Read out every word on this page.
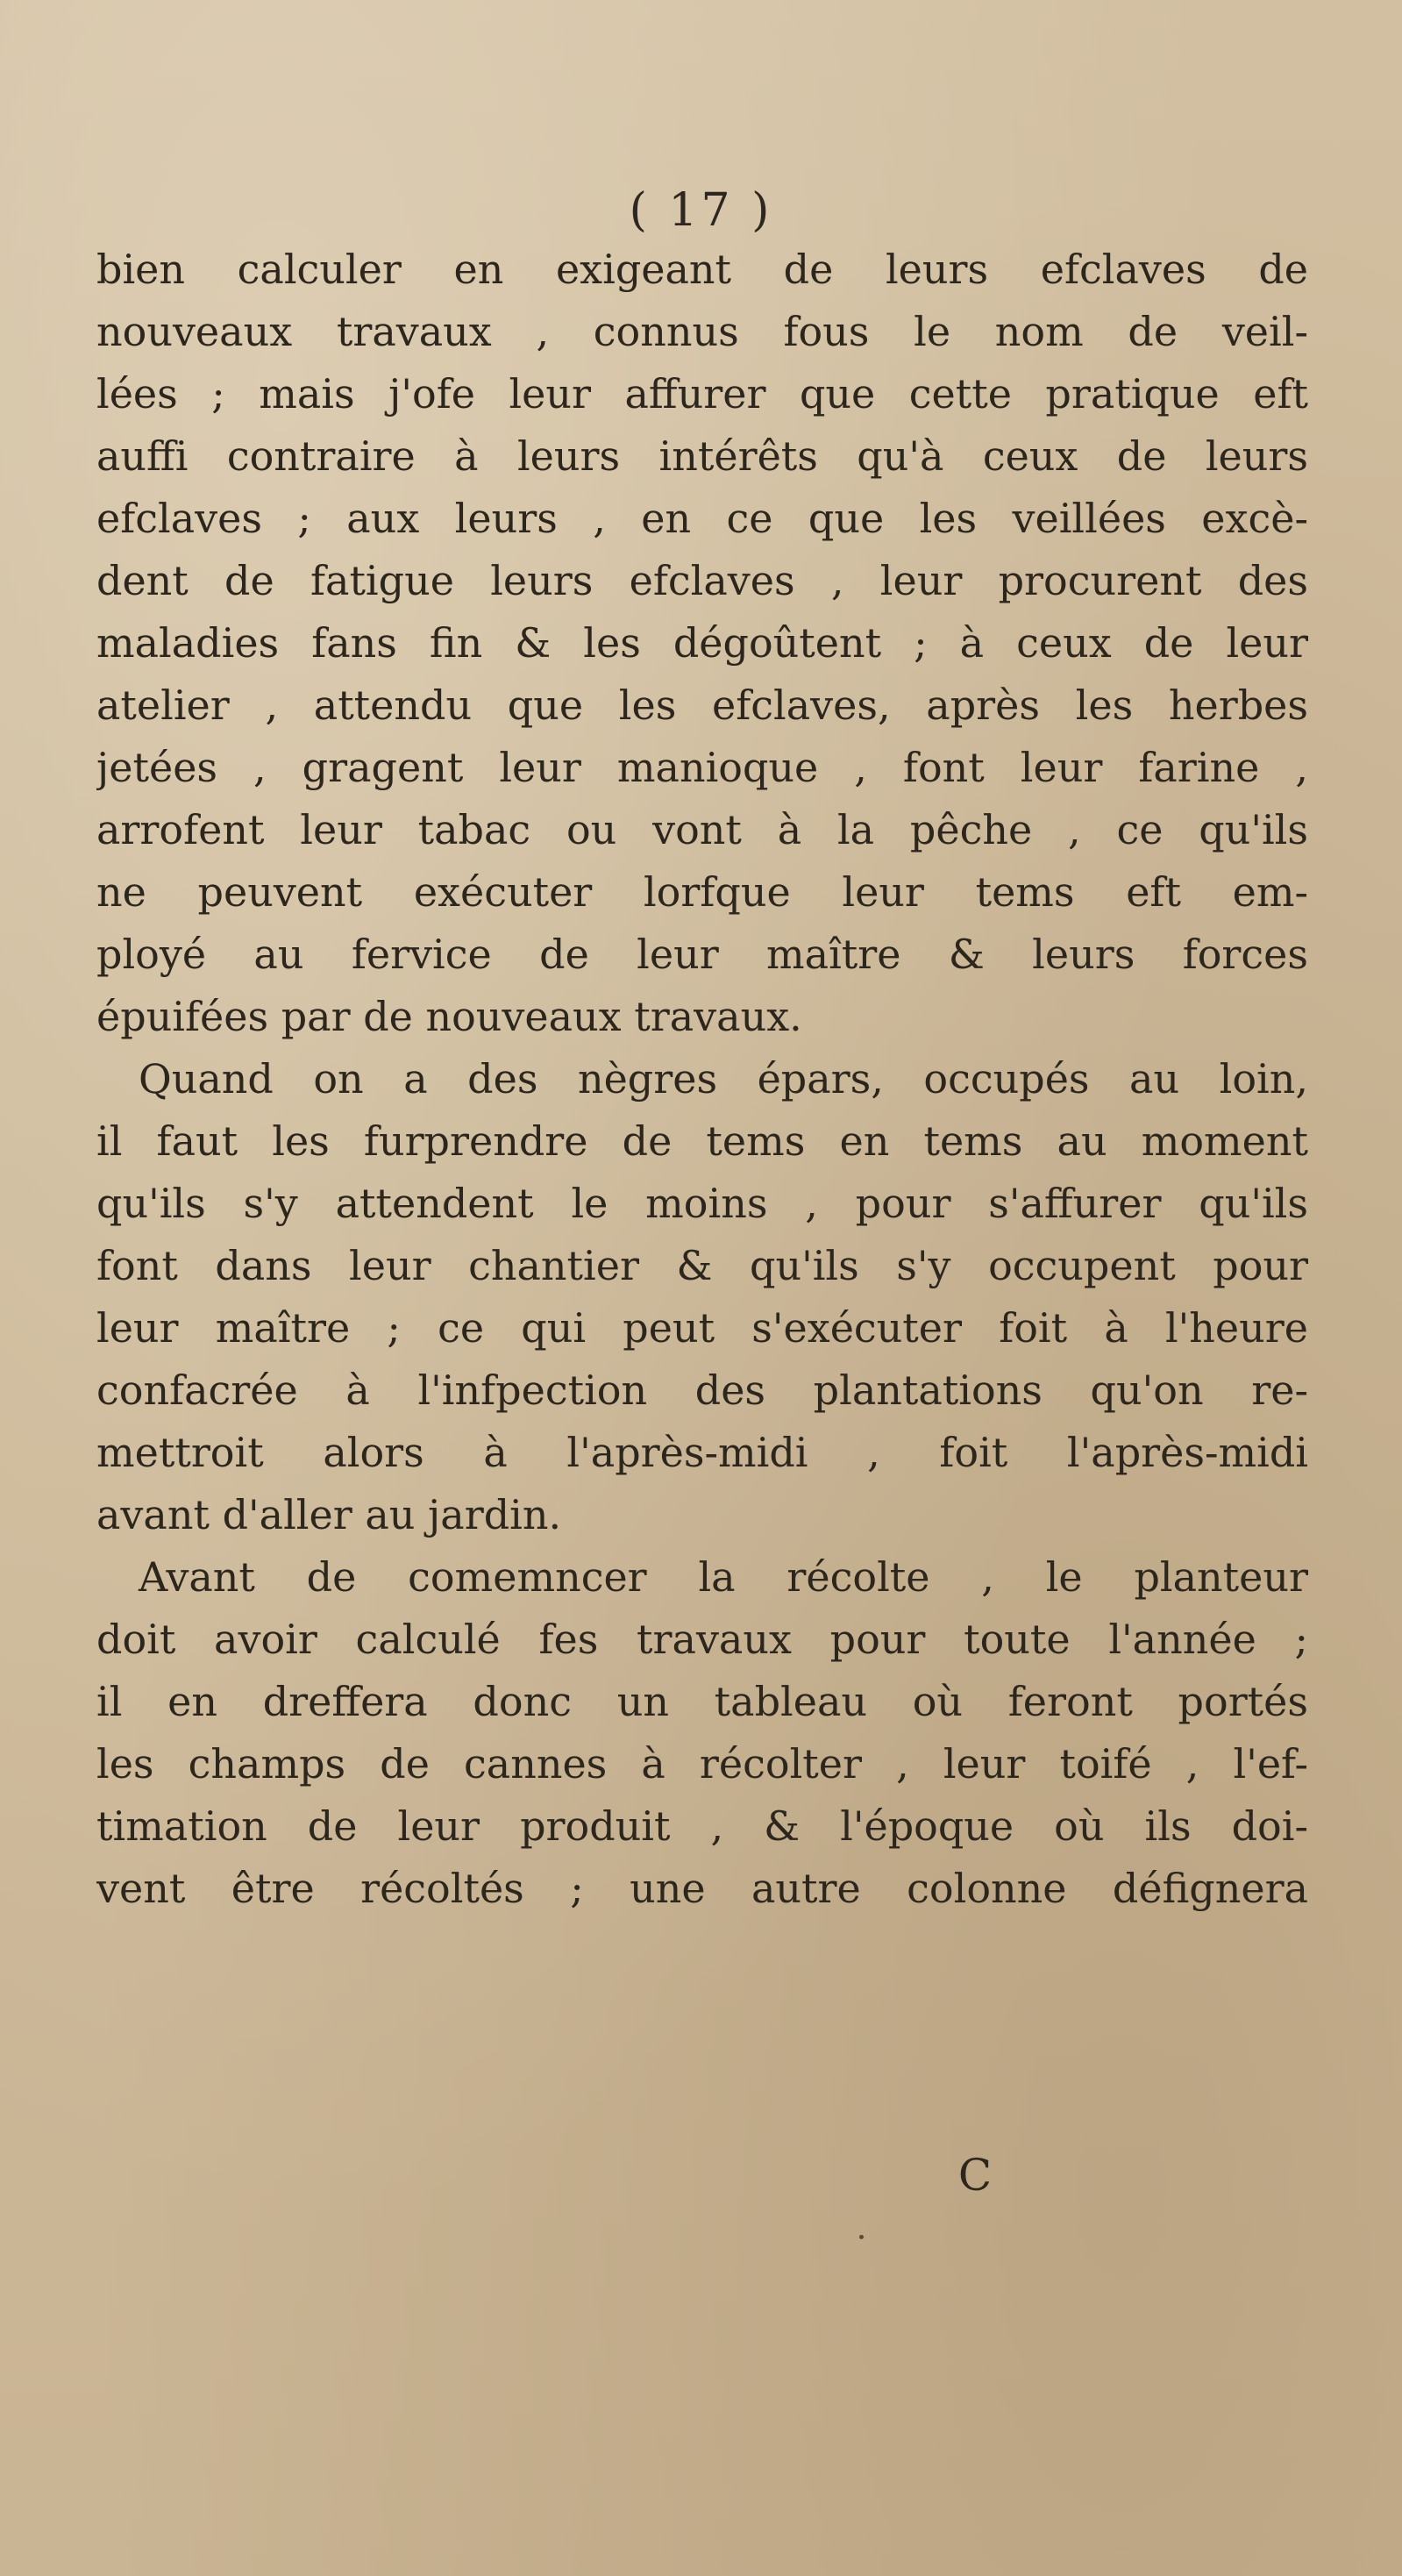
( 17 )
bien calculer en exigeant de leurs efclaves de
nouveaux travaux , connus fous le nom de veil-
lées ; mais j'ofe leur affurer que cette pratique eft
auffi contraire à leurs intérêts qu'à ceux de leurs
efclaves ; aux leurs , en ce que les veillées excè-
dent de fatigue leurs efclaves , leur procurent des
maladies fans fin & les dégoûtent ; à ceux de leur
atelier , attendu que les efclaves, après les herbes
jetées , gragent leur manioque , font leur farine ,
arrofent leur tabac ou vont à la pêche , ce qu'ils
ne peuvent exécuter lorfque leur tems eft em-
ployé au fervice de leur maître & leurs forces
épuifées par de nouveaux travaux.
Quand on a des nègres épars, occupés au loin,
il faut les furprendre de tems en tems au moment
qu'ils s'y attendent le moins , pour s'affurer qu'ils
font dans leur chantier & qu'ils s'y occupent pour
leur maître ; ce qui peut s'exécuter foit à l'heure
confacrée à l'infpection des plantations qu'on re-
mettroit alors à l'après-midi , foit l'après-midi
avant d'aller au jardin.
Avant de comemncer la récolte , le planteur
doit avoir calculé fes travaux pour toute l'année ;
il en dreffera donc un tableau où feront portés
les champs de cannes à récolter , leur toifé , l'ef-
timation de leur produit , & l'époque où ils doi-
vent être récoltés ; une autre colonne défignera
C
